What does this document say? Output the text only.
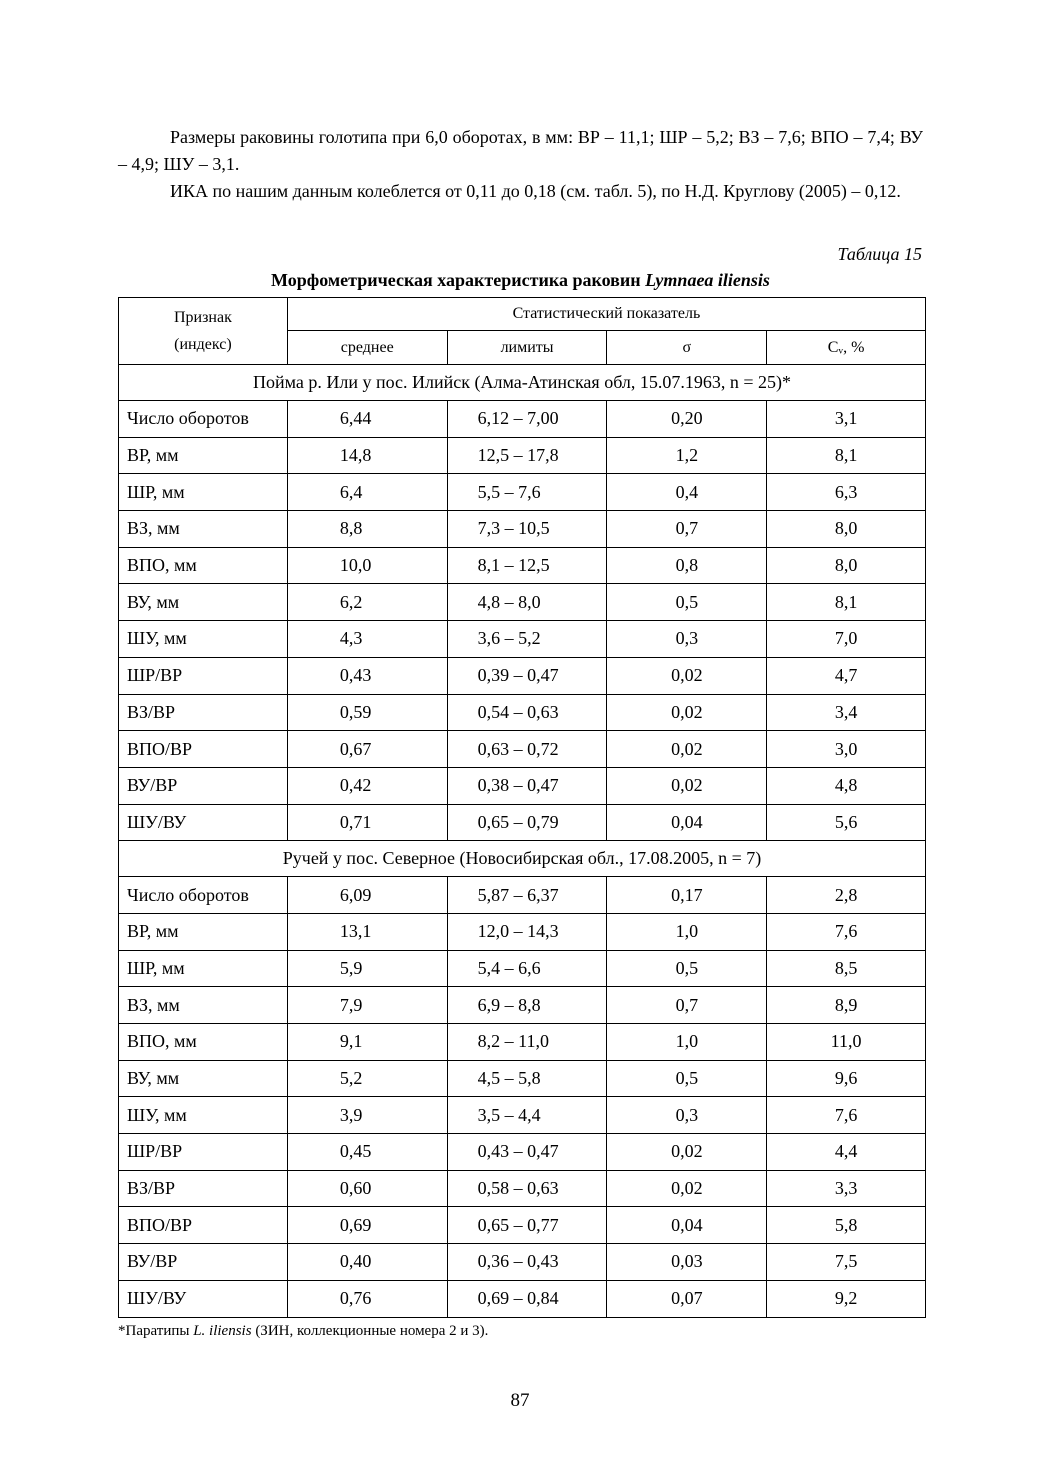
Размеры раковины голотипа при 6,0 оборотах, в мм: ВР – 11,1; ШР – 5,2; ВЗ – 7,6; ВПО – 7,4; ВУ – 4,9; ШУ – 3,1.

ИКА по нашим данным колеблется от 0,11 до 0,18 (см. табл. 5), по Н.Д. Круглову (2005) – 0,12.

Таблица 15
Морфометрическая характеристика раковин Lymnaea iliensis
Признак
(индекс)	Статистический показатель			
	среднее	лимиты	σ	Cᵥ, %
Пойма р. Или у пос. Илийск (Алма-Атинская обл, 15.07.1963, n = 25)*				
Число оборотов	6,44	6,12 – 7,00	0,20	3,1
ВР, мм	14,8	12,5 – 17,8	1,2	8,1
ШР, мм	6,4	5,5 – 7,6	0,4	6,3
ВЗ, мм	8,8	7,3 – 10,5	0,7	8,0
ВПО, мм	10,0	8,1 – 12,5	0,8	8,0
ВУ, мм	6,2	4,8 – 8,0	0,5	8,1
ШУ, мм	4,3	3,6 – 5,2	0,3	7,0
ШР/ВР	0,43	0,39 – 0,47	0,02	4,7
ВЗ/ВР	0,59	0,54 – 0,63	0,02	3,4
ВПО/ВР	0,67	0,63 – 0,72	0,02	3,0
ВУ/ВР	0,42	0,38 – 0,47	0,02	4,8
ШУ/ВУ	0,71	0,65 – 0,79	0,04	5,6
Ручей у пос. Северное (Новосибирская обл., 17.08.2005, n = 7)				
Число оборотов	6,09	5,87 – 6,37	0,17	2,8
ВР, мм	13,1	12,0 – 14,3	1,0	7,6
ШР, мм	5,9	5,4 – 6,6	0,5	8,5
ВЗ, мм	7,9	6,9 – 8,8	0,7	8,9
ВПО, мм	9,1	8,2 – 11,0	1,0	11,0
ВУ, мм	5,2	4,5 – 5,8	0,5	9,6
ШУ, мм	3,9	3,5 – 4,4	0,3	7,6
ШР/ВР	0,45	0,43 – 0,47	0,02	4,4
ВЗ/ВР	0,60	0,58 – 0,63	0,02	3,3
ВПО/ВР	0,69	0,65 – 0,77	0,04	5,8
ВУ/ВР	0,40	0,36 – 0,43	0,03	7,5
ШУ/ВУ	0,76	0,69 – 0,84	0,07	9,2
*Паратипы L. iliensis (ЗИН, коллекционные номера 2 и 3).
87
